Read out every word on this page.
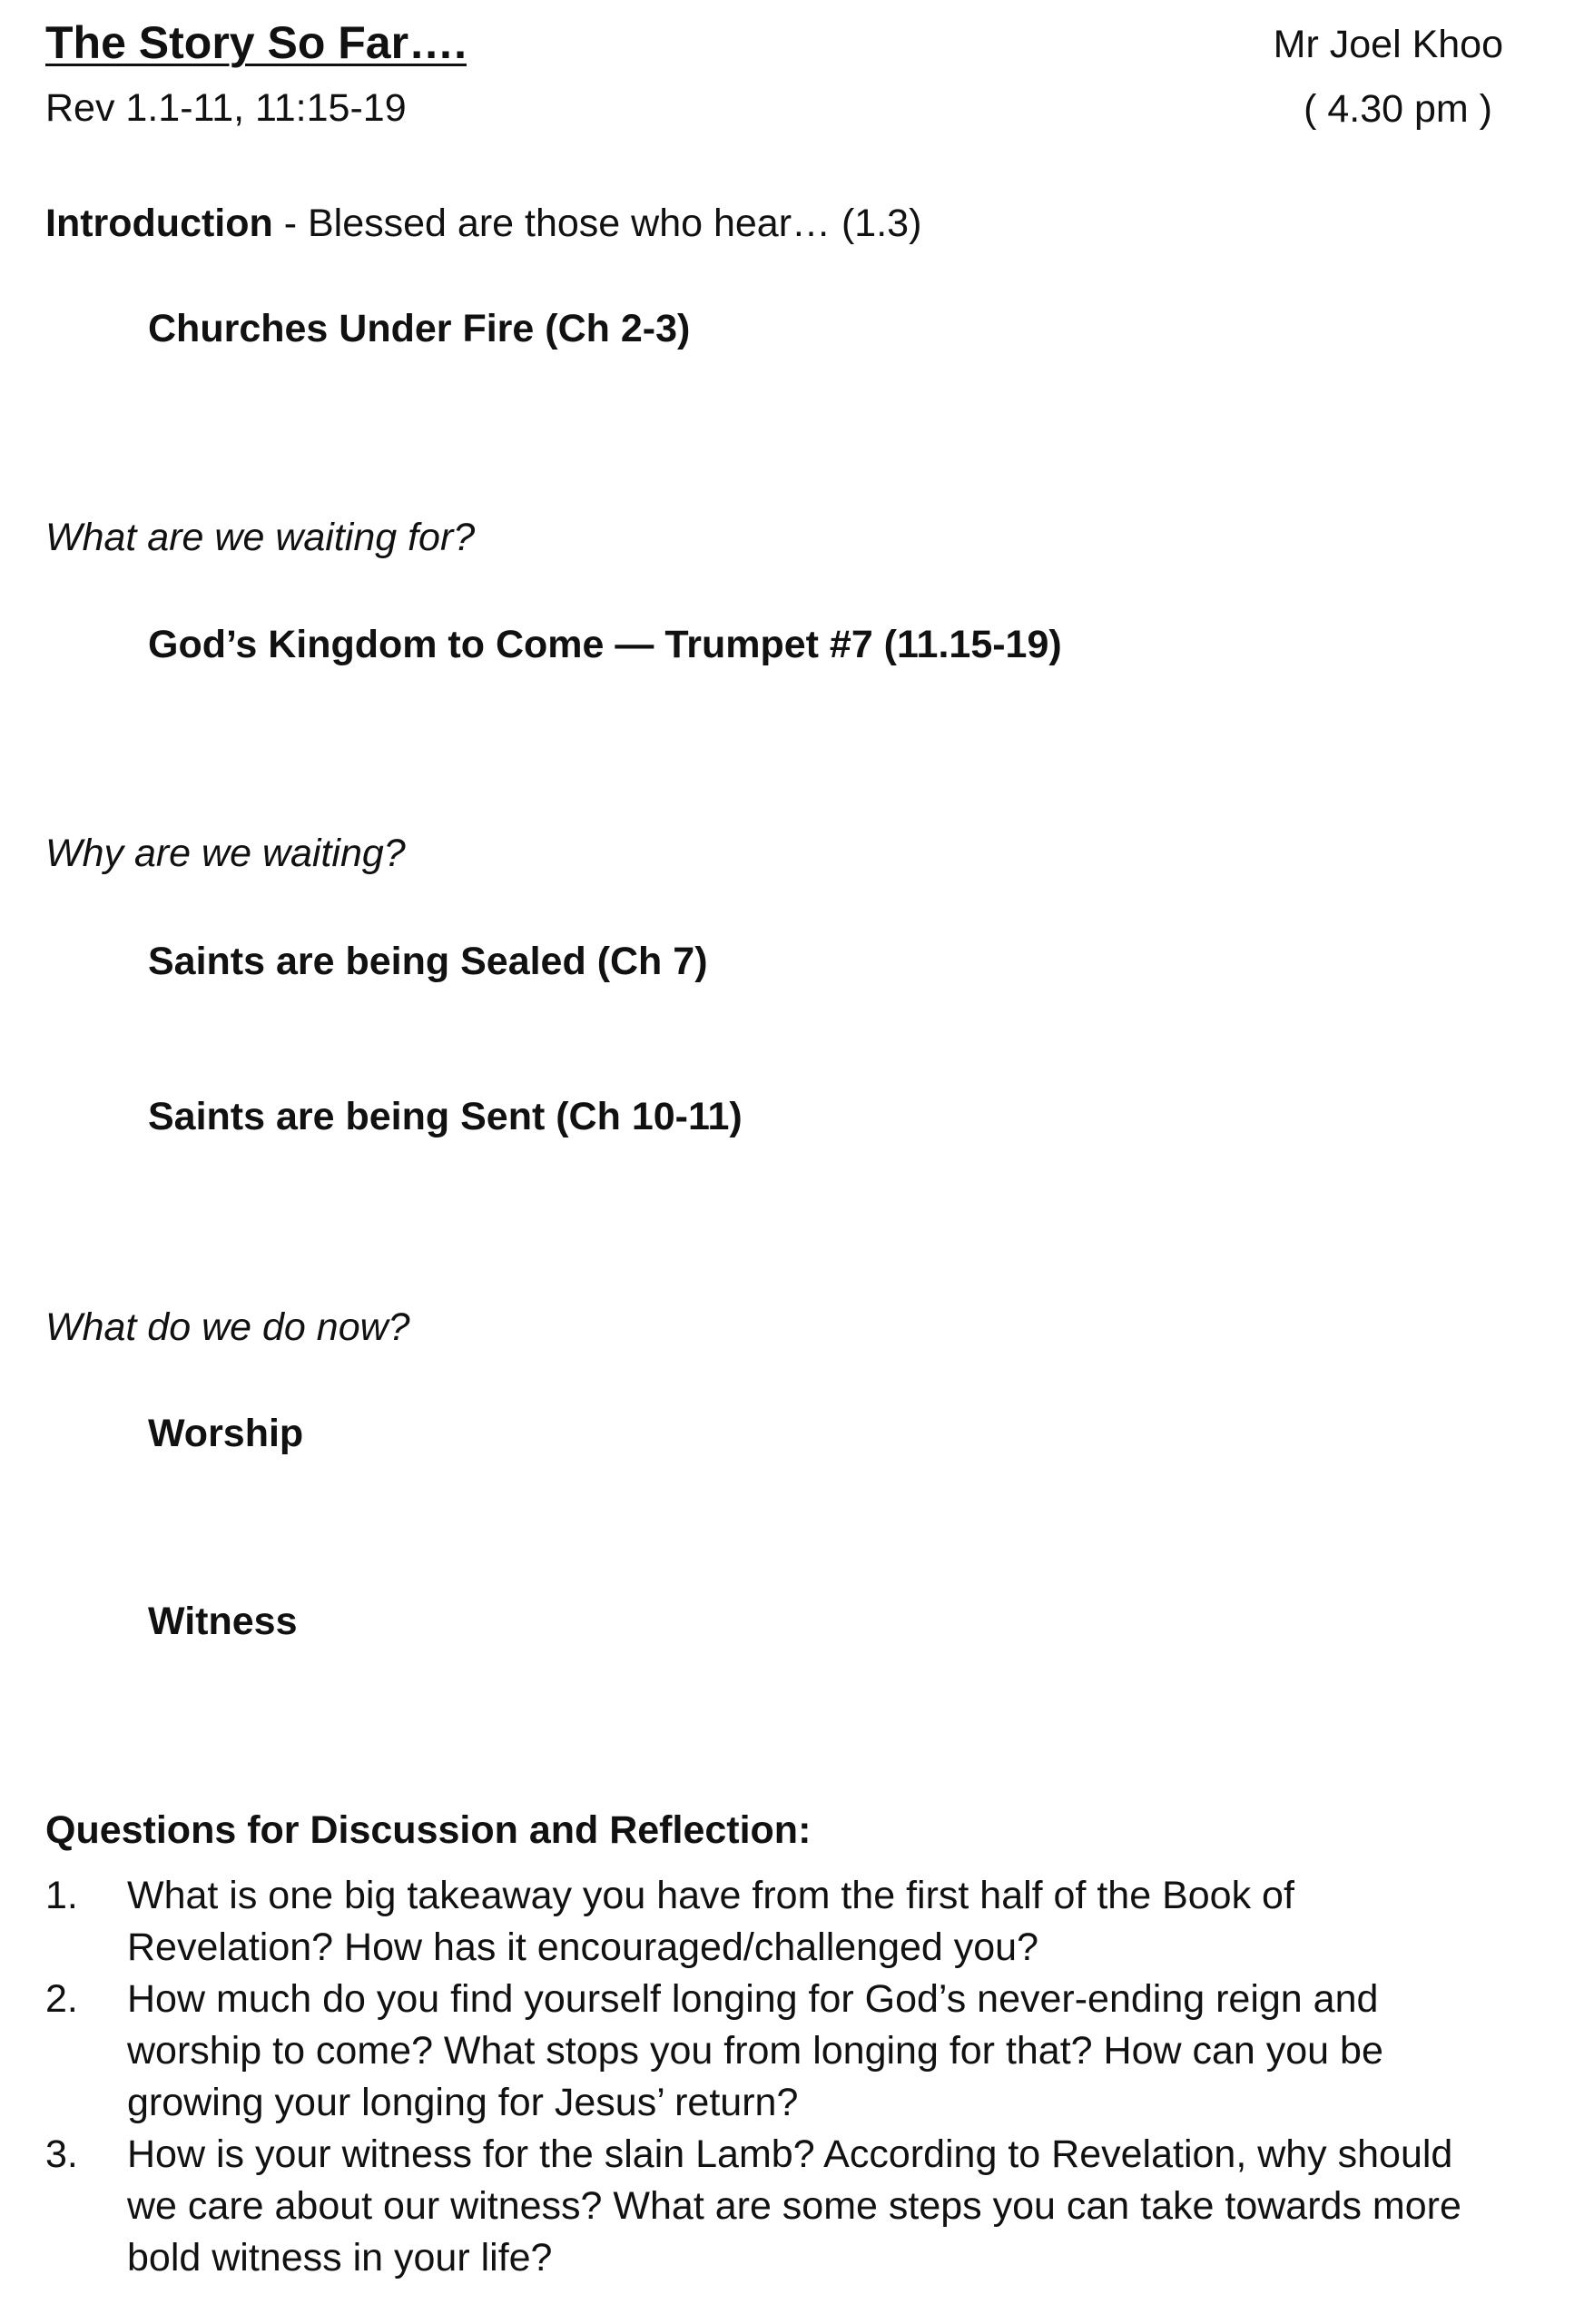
The Story So Far….
Rev 1.1-11, 11:15-19
Mr Joel Khoo
( 4.30 pm )
Introduction - Blessed are those who hear… (1.3)
Churches Under Fire (Ch 2-3)
What are we waiting for?
God’s Kingdom to Come — Trumpet #7 (11.15-19)
Why are we waiting?
Saints are being Sealed (Ch 7)
Saints are being Sent (Ch 10-11)
What do we do now?
Worship
Witness
Questions for Discussion and Reflection:
1. What is one big takeaway you have from the first half of the Book of
Revelation? How has it encouraged/challenged you?
2. How much do you find yourself longing for God’s never-ending reign and
worship to come? What stops you from longing for that? How can you be
growing your longing for Jesus’ return?
3. How is your witness for the slain Lamb? According to Revelation, why should
we care about our witness? What are some steps you can take towards more
bold witness in your life?
